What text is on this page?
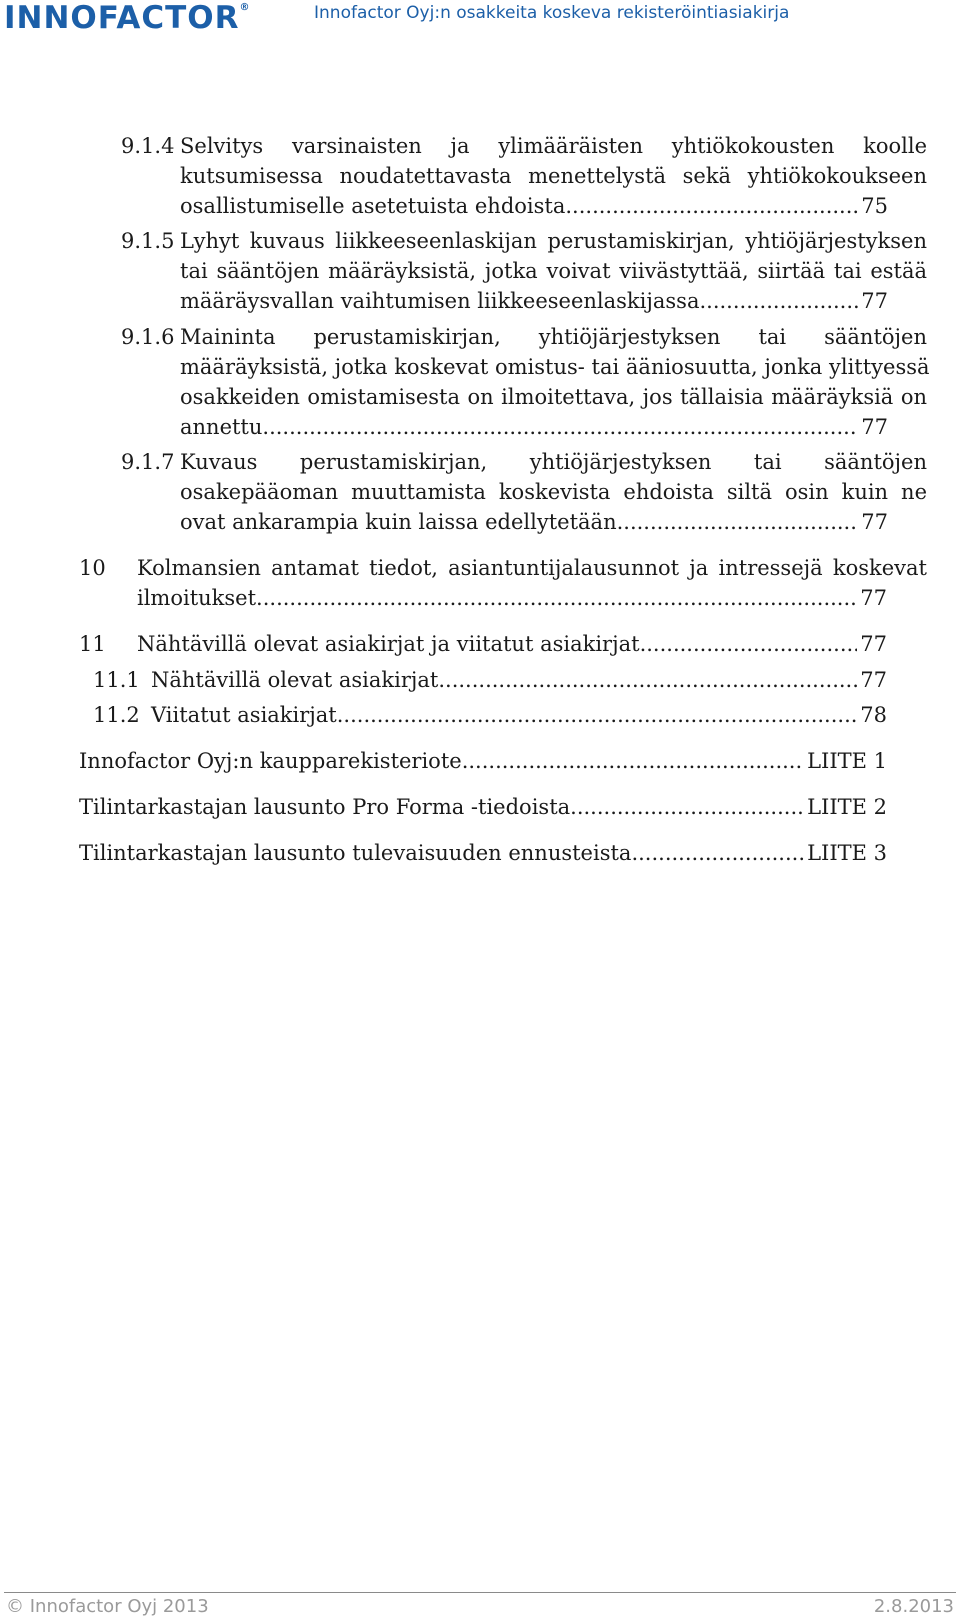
INNOFACTOR®	Innofactor Oyj:n osakkeita koskeva rekisteröintiasiakirja
9.1.4 Selvitys varsinaisten ja ylimääräisten yhtiökokousten koolle
kutsumisessa noudatettavasta menettelystä sekä yhtiökokoukseen
osallistumiselle asetetuista ehdoista .....	75
9.1.5 Lyhyt kuvaus liikkeeseenlaskijan perustamiskirjan, yhtiöjärjestyksen
tai sääntöjen määräyksistä, jotka voivat viivästyttää, siirtää tai estää
määräysvallan vaihtumisen liikkeeseenlaskijassa .....	77
9.1.6 Maininta perustamiskirjan, yhtiöjärjestyksen tai sääntöjen
määräyksistä, jotka koskevat omistus- tai ääniosuutta, jonka ylittyessä
osakkeiden omistamisesta on ilmoitettava, jos tällaisia määräyksiä on
annettu .....	77
9.1.7 Kuvaus perustamiskirjan, yhtiöjärjestyksen tai sääntöjen
osakepääoman muuttamista koskevista ehdoista siltä osin kuin ne
ovat ankarampia kuin laissa edellytetään .....	77
10 Kolmansien antamat tiedot, asiantuntijalausunnot ja intressejä koskevat
ilmoitukset .....	77
11	Nähtävillä olevat asiakirjat ja viitatut asiakirjat .....	77
11.1 Nähtävillä olevat asiakirjat .....	77
11.2 Viitatut asiakirjat .....	78
Innofactor Oyj:n kaupparekisteriote .....	LIITE 1
Tilintarkastajan lausunto Pro Forma -tiedoista .....	LIITE 2
Tilintarkastajan lausunto tulevaisuuden ennusteista .....	LIITE 3
© Innofactor Oyj 2013	2.8.2013
